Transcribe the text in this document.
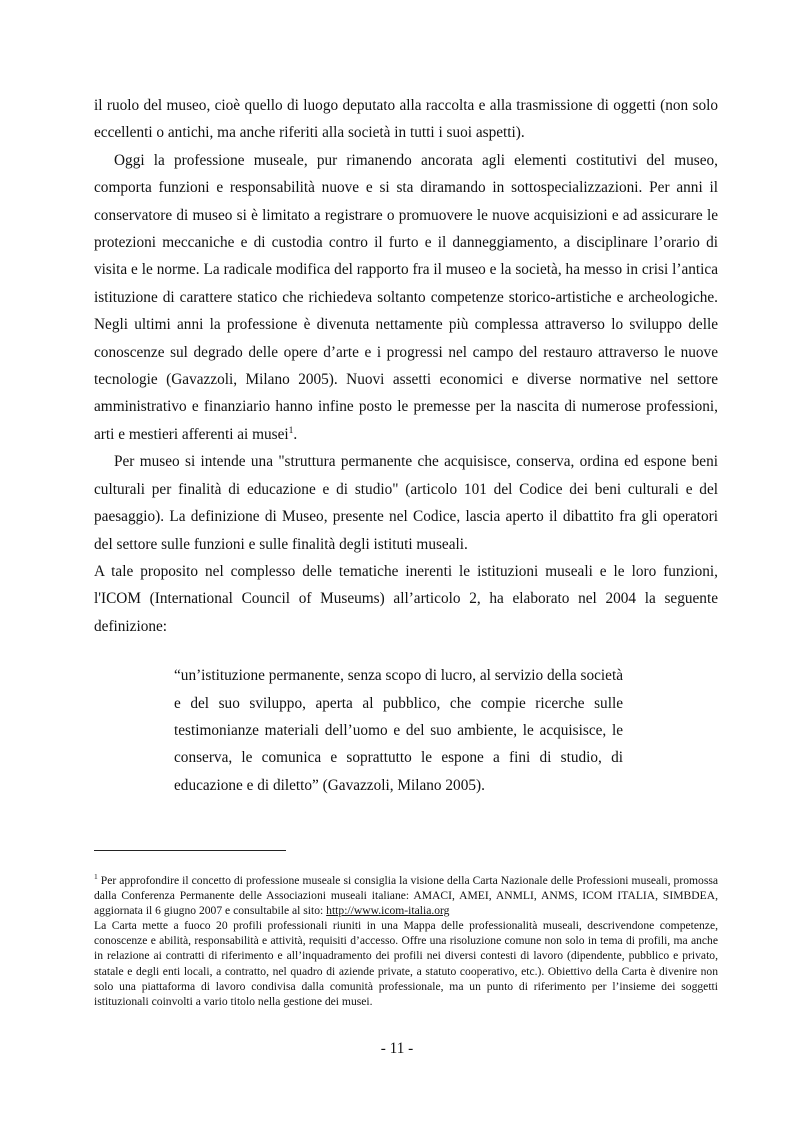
il ruolo del museo, cioè quello di luogo deputato alla raccolta e alla trasmissione di oggetti (non solo eccellenti o antichi, ma anche riferiti alla società in tutti i suoi aspetti).

Oggi la professione museale, pur rimanendo ancorata agli elementi costitutivi del museo, comporta funzioni e responsabilità nuove e si sta diramando in sottospecializzazioni. Per anni il conservatore di museo si è limitato a registrare o promuovere le nuove acquisizioni e ad assicurare le protezioni meccaniche e di custodia contro il furto e il danneggiamento, a disciplinare l’orario di visita e le norme. La radicale modifica del rapporto fra il museo e la società, ha messo in crisi l’antica istituzione di carattere statico che richiedeva soltanto competenze storico-artistiche e archeologiche. Negli ultimi anni la professione è divenuta nettamente più complessa attraverso lo sviluppo delle conoscenze sul degrado delle opere d’arte e i progressi nel campo del restauro attraverso le nuove tecnologie (Gavazzoli, Milano 2005). Nuovi assetti economici e diverse normative nel settore amministrativo e finanziario hanno infine posto le premesse per la nascita di numerose professioni, arti e mestieri afferenti ai musei$^1$.

Per museo si intende una "struttura permanente che acquisisce, conserva, ordina ed espone beni culturali per finalità di educazione e di studio" (articolo 101 del Codice dei beni culturali e del paesaggio). La definizione di Museo, presente nel Codice, lascia aperto il dibattito fra gli operatori del settore sulle funzioni e sulle finalità degli istituti museali.

A tale proposito nel complesso delle tematiche inerenti le istituzioni museali e le loro funzioni, l'ICOM (International Council of Museums) all’articolo 2, ha elaborato nel 2004 la seguente definizione:

“un’istituzione permanente, senza scopo di lucro, al servizio della società e del suo sviluppo, aperta al pubblico, che compie ricerche sulle testimonianze materiali dell’uomo e del suo ambiente, le acquisisce, le conserva, le comunica e soprattutto le espone a fini di studio, di educazione e di diletto” (Gavazzoli, Milano 2005).

$^1$ Per approfondire il concetto di professione museale si consiglia la visione della Carta Nazionale delle Professioni museali, promossa dalla Conferenza Permanente delle Associazioni museali italiane: AMACI, AMEI, ANMLI, ANMS, ICOM ITALIA, SIMBDEA, aggiornata il 6 giugno 2007 e consultabile al sito: http://www.icom-italia.org

La Carta mette a fuoco 20 profili professionali riuniti in una Mappa delle professionalità museali, descrivendone competenze, conoscenze e abilità, responsabilità e attività, requisiti d’accesso. Offre una risoluzione comune non solo in tema di profili, ma anche in relazione ai contratti di riferimento e all’inquadramento dei profili nei diversi contesti di lavoro (dipendente, pubblico e privato, statale e degli enti locali, a contratto, nel quadro di aziende private, a statuto cooperativo, etc.). Obiettivo della Carta è divenire non solo una piattaforma di lavoro condivisa dalla comunità professionale, ma un punto di riferimento per l’insieme dei soggetti istituzionali coinvolti a vario titolo nella gestione dei musei.

- 11 -
